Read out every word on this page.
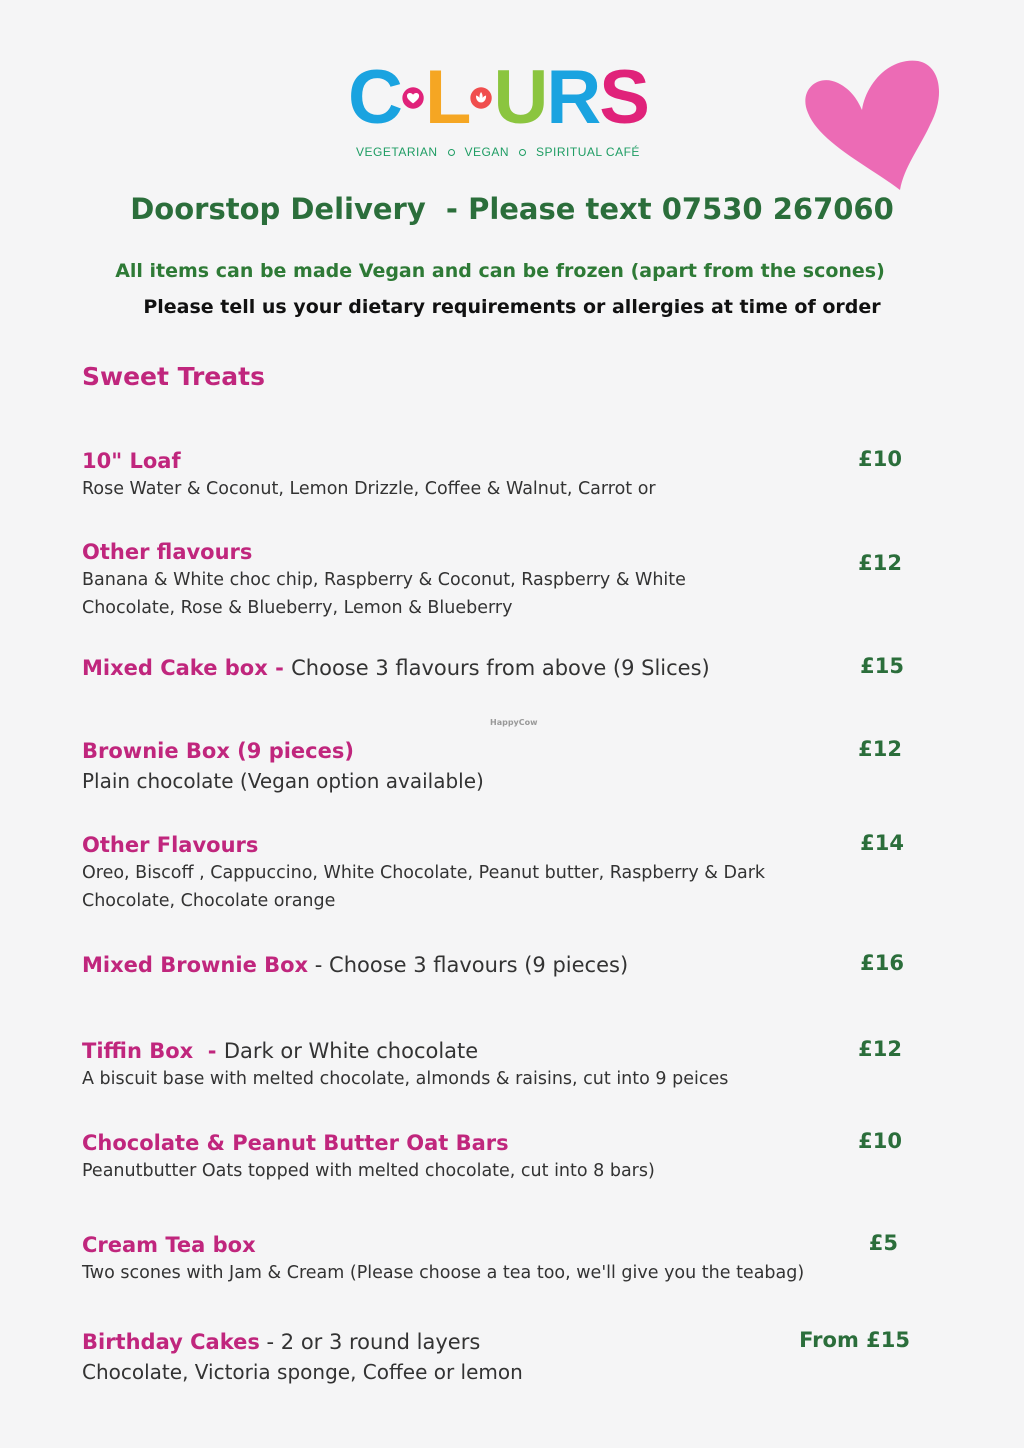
C L U R S
VEGETARIAN VEGAN SPIRITUAL CAFÉ
Doorstop Delivery  - Please text 07530 267060
All items can be made Vegan and can be frozen (apart from the scones)
Please tell us your dietary requirements or allergies at time of order
Sweet Treats
10" Loaf
Rose Water & Coconut, Lemon Drizzle, Coffee & Walnut, Carrot or
£10
Other flavours
Banana & White choc chip, Raspberry & Coconut, Raspberry & White Chocolate, Rose & Blueberry, Lemon & Blueberry
£12
Mixed Cake box - Choose 3 flavours from above (9 Slices)	£15
HappyCow
Brownie Box (9 pieces)
Plain chocolate (Vegan option available)
£12
Other Flavours
Oreo, Biscoff , Cappuccino, White Chocolate, Peanut butter, Raspberry & Dark Chocolate, Chocolate orange
£14
Mixed Brownie Box - Choose 3 flavours (9 pieces)	£16
Tiffin Box  - Dark or White chocolate
A biscuit base with melted chocolate, almonds & raisins, cut into 9 peices
£12
Chocolate & Peanut Butter Oat Bars
Peanutbutter Oats topped with melted chocolate, cut into 8 bars)
£10
Cream Tea box
Two scones with Jam & Cream (Please choose a tea too, we'll give you the teabag)
£5
Birthday Cakes - 2 or 3 round layers
Chocolate, Victoria sponge, Coffee or lemon
From £15
